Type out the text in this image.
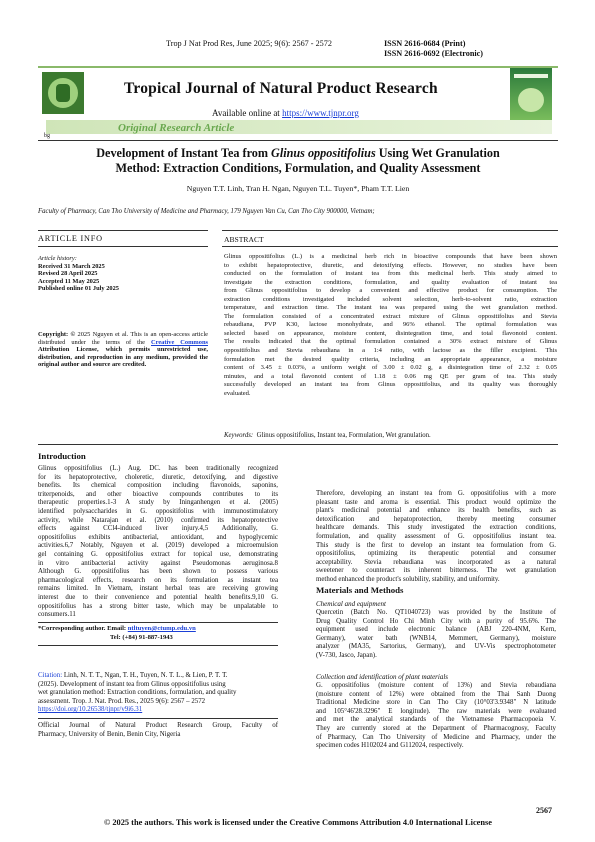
Trop J Nat Prod Res, June 2025; 9(6): 2567 - 2572	ISSN 2616-0684 (Print)
ISSN 2616-0692 (Electronic)
Tropical Journal of Natural Product Research
Available online at https://www.tjnpr.org
Original Research Article
bg
Development of Instant Tea from Glinus oppositifolius Using Wet Granulation
Method: Extraction Conditions, Formulation, and Quality Assessment
Nguyen T.T. Linh, Tran H. Ngan, Nguyen T.L. Tuyen*, Pham T.T. Lien
Faculty of Pharmacy, Can Tho University of Medicine and Pharmacy, 179 Nguyen Van Cu, Can Tho City 900000, Vietnam;
ARTICLE INFO	ABSTRACT
Article history:
Received 31 March 2025
Revised 28 April 2025
Accepted 11 May 2025
Published online 01 July 2025
Copyright: © 2025 Nguyen et al. This is an open-access article distributed under the terms of the Creative Commons Attribution License, which permits unrestricted use, distribution, and reproduction in any medium, provided the original author and source are credited.
Glinus oppositifolius (L.) is a medicinal herb rich in bioactive compounds that have been shown
to exhibit hepatoprotective, diuretic, and detoxifying effects. However, no studies have been
conducted on the formulation of instant tea from this medicinal herb. This study aimed to
investigate the extraction conditions, formulation, and quality evaluation of instant tea
from Glinus oppositifolius to develop a convenient and effective product for consumption. The
extraction conditions investigated included solvent selection, herb-to-solvent ratio, extraction
temperature, and extraction time. The instant tea was prepared using the wet granulation method.
The formulation consisted of a concentrated extract mixture of Glinus oppositifolius and Stevia
rebaudiana, PVP K30, lactose monohydrate, and 96% ethanol. The optimal formulation was
selected based on appearance, moisture content, disintegration time, and total flavonoid content.
The results indicated that the optimal formulation contained a 30% extract mixture of Glinus
oppositifolius and Stevia rebaudiana in a 1:4 ratio, with lactose as the filler excipient. This
formulation met the desired quality criteria, including an appropriate appearance, a moisture
content of 3.45 ± 0.03%, a uniform weight of 3.00 ± 0.02 g, a disintegration time of 2.32 ± 0.05
minutes, and a total flavonoid content of 1.18 ± 0.06 mg QE per gram of tea. This study
successfully developed an instant tea from Glinus oppositifolius, and its quality was thoroughly
evaluated.
Keywords: Glinus oppositifolius, Instant tea, Formulation, Wet granulation.
Introduction
Glinus oppositifolius (L.) Aug. DC. has been traditionally recognized
for its hepatoprotective, choleretic, diuretic, detoxifying, and digestive
benefits. Its chemical composition including flavonoids, saponins,
triterpenoids, and other bioactive compounds contributes to its
therapeutic properties.1-3 A study by Ininganhengen et al. (2005)
identified polysaccharides in G. oppositifolius with immunostimulatory
activity, while Natarajan et al. (2010) confirmed its hepatoprotective
effects against CCl4-induced liver injury.4,5 Additionally, G.
oppositifolius exhibits antibacterial, antioxidant, and hypoglycemic
activities.6,7 Notably, Nguyen et al. (2019) developed a microemulsion
gel containing G. oppositifolius extract for topical use, demonstrating
in vitro antibacterial activity against Pseudomonas aeruginosa.8
Although G. oppositifolius has been shown to possess various
pharmacological effects, research on its formulation as instant tea
remains limited. In Vietnam, instant herbal teas are receiving growing
interest due to their convenience and potential health benefits.9,10 G.
oppositifolius has a strong bitter taste, which may be unpalatable to
consumers.11
*Corresponding author. Email: ntltuyen@ctump.edu.vn
Tel: (+84) 91-887-1943
Citation: Linh, N. T. T., Ngan, T. H., Tuyen, N. T. L., & Lien, P. T. T.
(2025). Development of instant tea from Glinus oppositifolius using
wet granulation method: Extraction conditions, formulation, and quality
assessment. Trop. J. Nat. Prod. Res., 2025 9(6): 2567 – 2572
https://doi.org/10.26538/tjnpr/v9i6.31
Official Journal of Natural Product Research Group, Faculty of
Pharmacy, University of Benin, Benin City, Nigeria
Therefore, developing an instant tea from G. oppositifolius with a more
pleasant taste and aroma is essential. This product would optimize the
plant's medicinal potential and enhance its health benefits, such as
detoxification and hepatoprotection, thereby meeting consumer
healthcare demands. This study investigated the extraction conditions,
formulation, and quality assessment of G. oppositifolius instant tea.
This study is the first to develop an instant tea formulation from G.
oppositifolius, optimizing its therapeutic potential and consumer
acceptability. Stevia rebaudiana was incorporated as a natural
sweetener to counteract its inherent bitterness. The wet granulation
method enhanced the product's solubility, stability, and uniformity.
Materials and Methods
Chemical and equipment
Quercetin (Batch No. QT1040723) was provided by the Institute of
Drug Quality Control Ho Chi Minh City with a purity of 95.6%. The
equipment used include electronic balance (ABJ 220-4NM, Kern,
Germany), water bath (WNB14, Memmert, Germany), moisture
analyzer (MA35, Sartorius, Germany), and UV-Vis spectrophotometer
(V-730, Jasco, Japan).
Collection and identification of plant materials
G. oppositifolius (moisture content of 13%) and Stevia rebaudiana
(moisture content of 12%) were obtained from the Thai Sanh Duong
Traditional Medicine store in Can Tho City (10°03'3.9348" N latitude
and 105°46'28.3296" E longitude). The raw materials were evaluated
and met the analytical standards of the Vietnamese Pharmacopoeia V.
They are currently stored at the Department of Pharmacognosy, Faculty
of Pharmacy, Can Tho University of Medicine and Pharmacy, under the
specimen codes H102024 and G112024, respectively.
2567
© 2025 the authors. This work is licensed under the Creative Commons Attribution 4.0 International License
